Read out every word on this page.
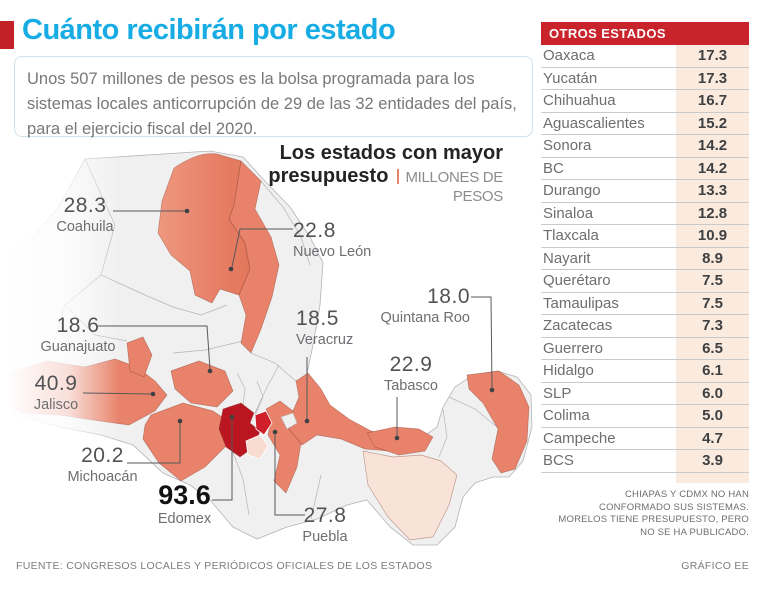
Cuánto recibirán por estado
Unos 507 millones de pesos es la bolsa programada para los sistemas locales anticorrupción de 29 de las 32 entidades del país, para el ejercicio fiscal del 2020.
Los estados con mayor
presupuesto MILLONES DE PESOS
28.3
Coahuila	22.8
Nuevo León
18.6
Guanajuato
40.9
Jalisco
20.2
Michoacán
93.6
Edomex	27.8
Puebla
18.5
Veracruz
22.9
Tabasco
18.0
Quintana Roo
OTROS ESTADOS
Oaxaca	17.3
Yucatán	17.3
Chihuahua	16.7
Aguascalientes	15.2
Sonora	14.2
BC	14.2
Durango	13.3
Sinaloa	12.8
Tlaxcala	10.9
Nayarit	8.9
Querétaro	7.5
Tamaulipas	7.5
Zacatecas	7.3
Guerrero	6.5
Hidalgo	6.1
SLP	6.0
Colima	5.0
Campeche	4.7
BCS	3.9
CHIAPAS Y CDMX NO HAN
CONFORMADO SUS SISTEMAS.
MORELOS TIENE PRESUPUESTO, PERO
NO SE HA PUBLICADO.
FUENTE: CONGRESOS LOCALES Y PERIÓDICOS OFICIALES DE LOS ESTADOS	GRÁFICO EE
